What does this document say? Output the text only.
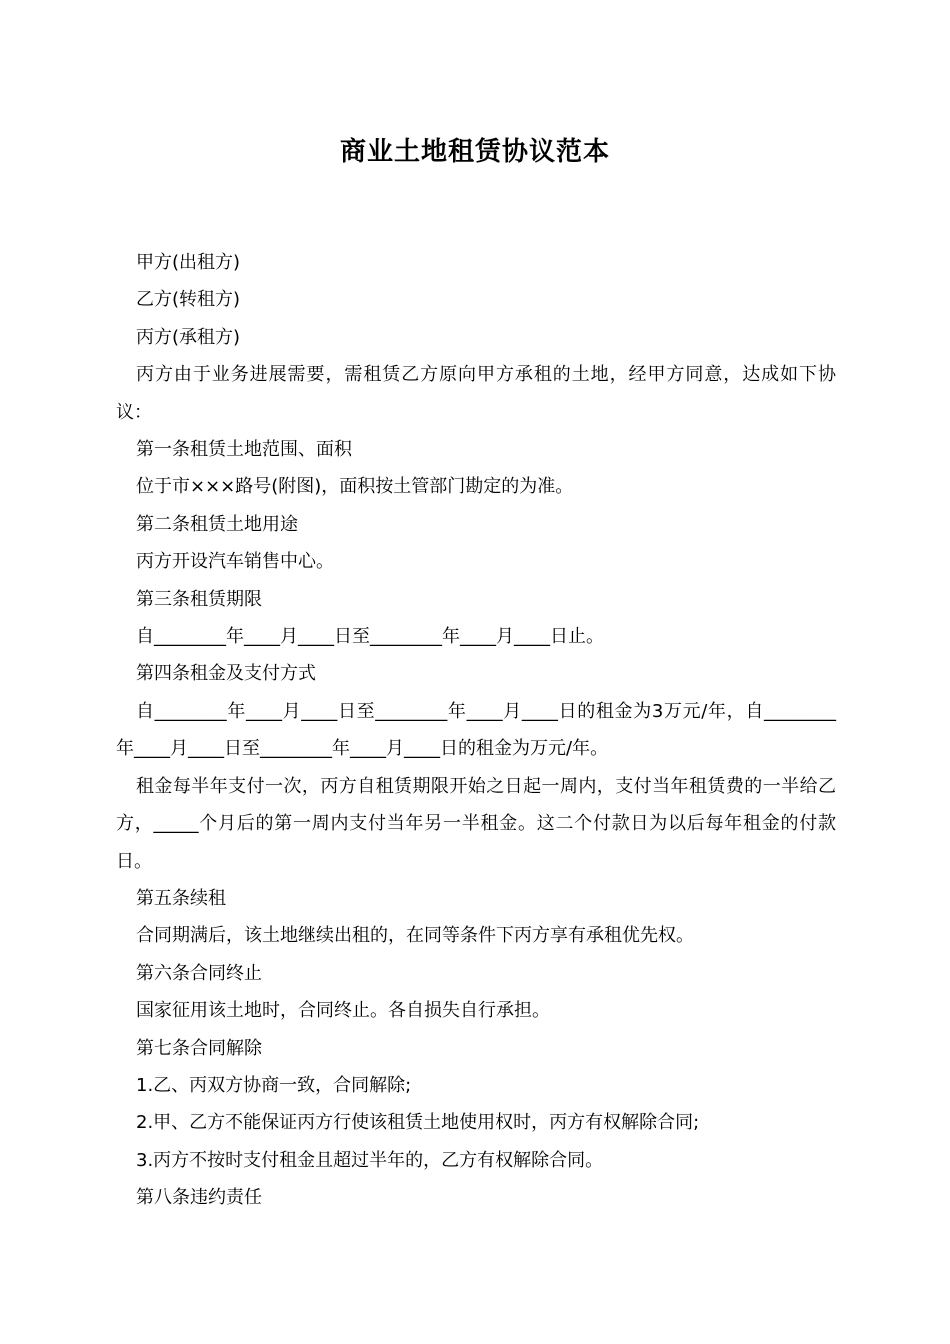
商业土地租赁协议范本

甲方(出租方)

乙方(转租方)

丙方(承租方)

丙方由于业务进展需要，需租赁乙方原向甲方承租的土地，经甲方同意，达成如下协议：

第一条租赁土地范围、面积

位于市×××路号(附图)，面积按土管部门勘定的为准。

第二条租赁土地用途

丙方开设汽车销售中心。

第三条租赁期限

自________年____月____日至________年____月____日止。

第四条租金及支付方式

自________年____月____日至________年____月____日的租金为3万元/年，自________年____月____日至________年____月____日的租金为万元/年。

租金每半年支付一次，丙方自租赁期限开始之日起一周内，支付当年租赁费的一半给乙方，_____个月后的第一周内支付当年另一半租金。这二个付款日为以后每年租金的付款日。

第五条续租

合同期满后，该土地继续出租的，在同等条件下丙方享有承租优先权。

第六条合同终止

国家征用该土地时，合同终止。各自损失自行承担。

第七条合同解除

1.乙、丙双方协商一致，合同解除;

2.甲、乙方不能保证丙方行使该租赁土地使用权时，丙方有权解除合同;

3.丙方不按时支付租金且超过半年的，乙方有权解除合同。

第八条违约责任
